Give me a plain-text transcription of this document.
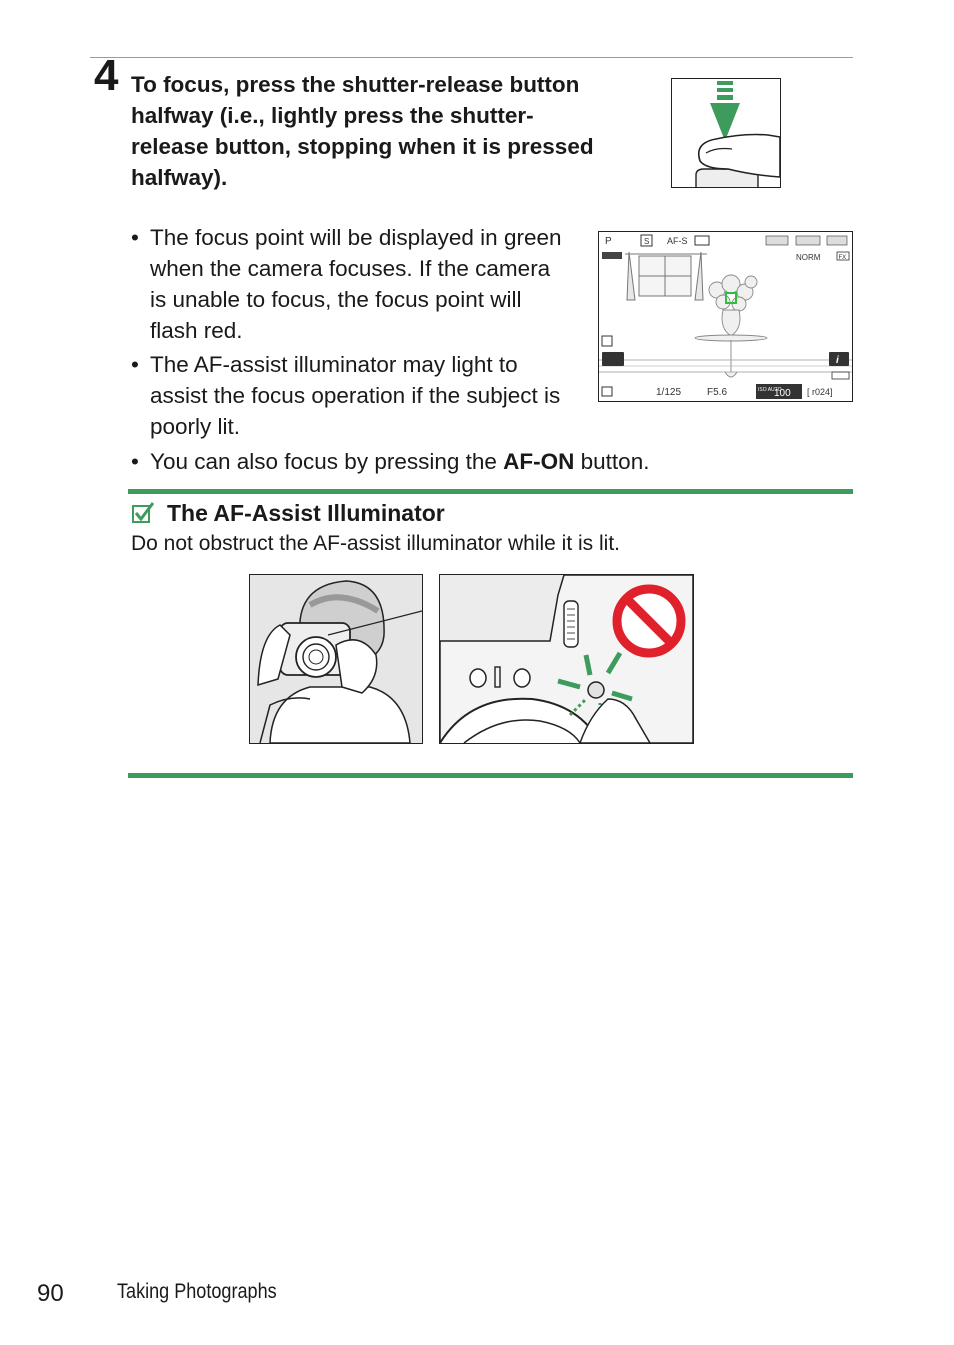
4 To focus, press the shutter-release button halfway (i.e., lightly press the shutter-release button, stopping when it is pressed halfway).

• The focus point will be displayed in green when the camera focuses. If the camera is unable to focus, the focus point will flash red.
• The AF-assist illuminator may light to assist the focus operation if the subject is poorly lit.
• You can also focus by pressing the AF-ON button.
P	S AF-S
NORM	FX
i
1/125	F5.6	ISO AUTO
100 [ r024]
The AF-Assist Illuminator
Do not obstruct the AF-assist illuminator while it is lit.
90	Taking Photographs
